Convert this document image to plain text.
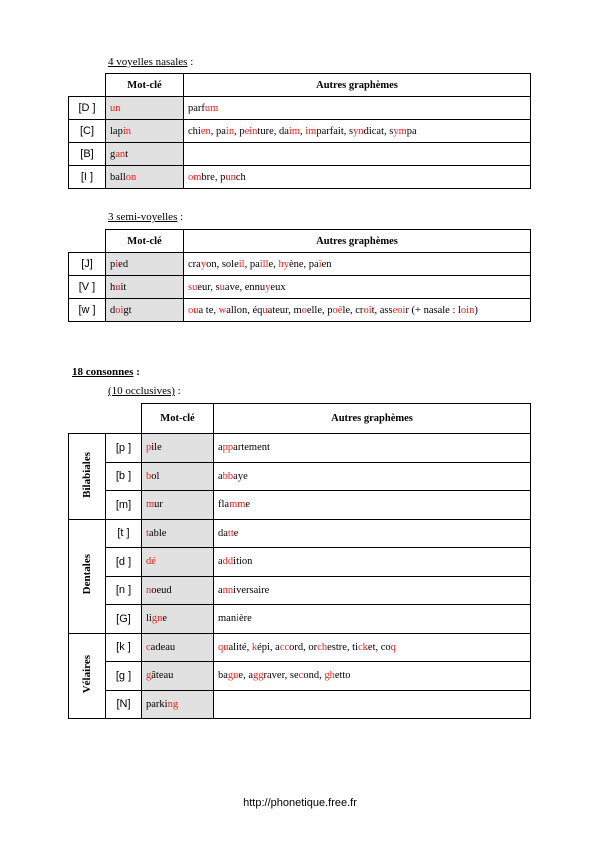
4 voyelles nasales :
	Mot-clé	Autres graphèmes
[D ]	un	parfum
[C]	lapin	chien, pain, peinture, daim, imparfait, syndicat, sympa
[B]	gant	
[I ]	ballon	ombre, punch
3 semi-voyelles :
	Mot-clé	Autres graphèmes
[J]	pied	crayon, soleil, paille, hyène, païen
[V ]	huit	sueur, suave, ennuyeux
[w ]	doigt	oua te, wallon, équateur, moelle, poêle, croît, asseoir (+ nasale : loin)
18 consonnes :
(10 occlusives) :
		Mot-clé	Autres graphèmes
Bilabiales	[p ]	pile	appartement
	[b ]	bol	abbaye
	[m]	mur	flamme
Dentales	[t ]	table	datte
	[d ]	dé	addition
	[n ]	noeud	anniversaire
	[G]	ligne	manière
Vélaires	[k ]	cadeau	qualité, képi, accord, orchestre, ticket, coq
	[g ]	gâteau	bague, aggraver, second, ghetto
	[N]	parking	
http://phonetique.free.fr
